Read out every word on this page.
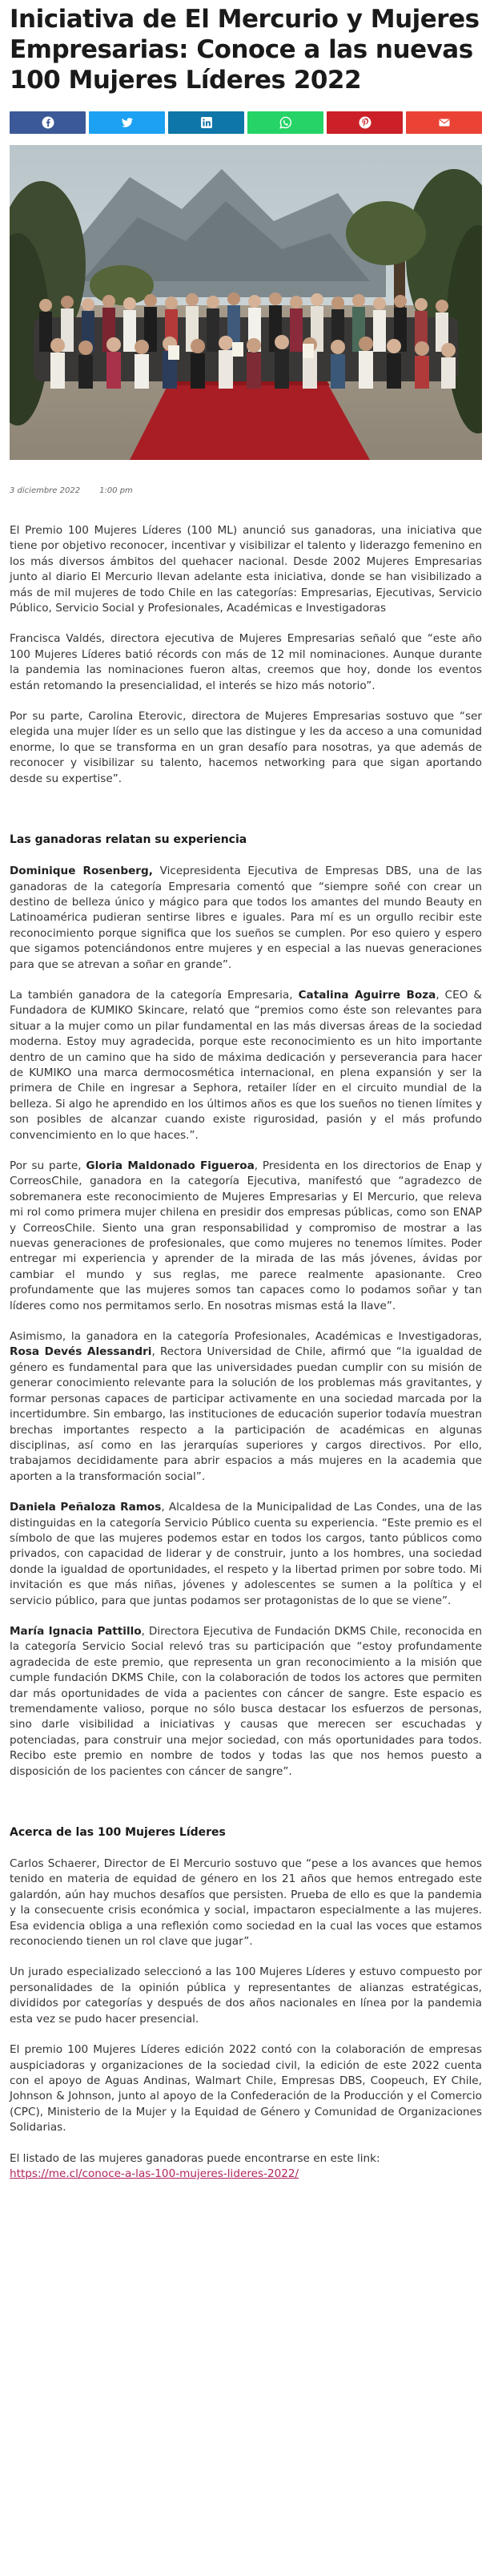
Iniciativa de El Mercurio y Mujeres Empresarias: Conoce a las nuevas 100 Mujeres Líderes 2022
3 diciembre 2022 1:00 pm

El Premio 100 Mujeres Líderes (100 ML) anunció sus ganadoras, una iniciativa que tiene por objetivo reconocer, incentivar y visibilizar el talento y liderazgo femenino en los más diversos ámbitos del quehacer nacional. Desde 2002 Mujeres Empresarias junto al diario El Mercurio llevan adelante esta iniciativa, donde se han visibilizado a más de mil mujeres de todo Chile en las categorías: Empresarias, Ejecutivas, Servicio Público, Servicio Social y Profesionales, Académicas e Investigadoras

Francisca Valdés, directora ejecutiva de Mujeres Empresarias señaló que “este año 100 Mujeres Líderes batió récords con más de 12 mil nominaciones. Aunque durante la pandemia las nominaciones fueron altas, creemos que hoy, donde los eventos están retomando la presencialidad, el interés se hizo más notorio”.

Por su parte, Carolina Eterovic, directora de Mujeres Empresarias sostuvo que “ser elegida una mujer líder es un sello que las distingue y les da acceso a una comunidad enorme, lo que se transforma en un gran desafío para nosotras, ya que además de reconocer y visibilizar su talento, hacemos networking para que sigan aportando desde su expertise”.

Las ganadoras relatan su experiencia

Dominique Rosenberg, Vicepresidenta Ejecutiva de Empresas DBS, una de las ganadoras de la categoría Empresaria comentó que “siempre soñé con crear un destino de belleza único y mágico para que todos los amantes del mundo Beauty en Latinoamérica pudieran sentirse libres e iguales. Para mí es un orgullo recibir este reconocimiento porque significa que los sueños se cumplen. Por eso quiero y espero que sigamos potenciándonos entre mujeres y en especial a las nuevas generaciones para que se atrevan a soñar en grande”.

La también ganadora de la categoría Empresaria, Catalina Aguirre Boza, CEO & Fundadora de KUMIKO Skincare, relató que “premios como éste son relevantes para situar a la mujer como un pilar fundamental en las más diversas áreas de la sociedad moderna. Estoy muy agradecida, porque este reconocimiento es un hito importante dentro de un camino que ha sido de máxima dedicación y perseverancia para hacer de KUMIKO una marca dermocosmética internacional, en plena expansión y ser la primera de Chile en ingresar a Sephora, retailer líder en el circuito mundial de la belleza. Si algo he aprendido en los últimos años es que los sueños no tienen límites y son posibles de alcanzar cuando existe rigurosidad, pasión y el más profundo convencimiento en lo que haces.”.

Por su parte, Gloria Maldonado Figueroa, Presidenta en los directorios de Enap y CorreosChile, ganadora en la categoría Ejecutiva, manifestó que “agradezco de sobremanera este reconocimiento de Mujeres Empresarias y El Mercurio, que releva mi rol como primera mujer chilena en presidir dos empresas públicas, como son ENAP y CorreosChile. Siento una gran responsabilidad y compromiso de mostrar a las nuevas generaciones de profesionales, que como mujeres no tenemos límites. Poder entregar mi experiencia y aprender de la mirada de las más jóvenes, ávidas por cambiar el mundo y sus reglas, me parece realmente apasionante. Creo profundamente que las mujeres somos tan capaces como lo podamos soñar y tan líderes como nos permitamos serlo. En nosotras mismas está la llave”.

Asimismo, la ganadora en la categoría Profesionales, Académicas e Investigadoras, Rosa Devés Alessandri, Rectora Universidad de Chile, afirmó que “la igualdad de género es fundamental para que las universidades puedan cumplir con su misión de generar conocimiento relevante para la solución de los problemas más gravitantes, y formar personas capaces de participar activamente en una sociedad marcada por la incertidumbre. Sin embargo, las instituciones de educación superior todavía muestran brechas importantes respecto a la participación de académicas en algunas disciplinas, así como en las jerarquías superiores y cargos directivos. Por ello, trabajamos decididamente para abrir espacios a más mujeres en la academia que aporten a la transformación social”.

Daniela Peñaloza Ramos, Alcaldesa de la Municipalidad de Las Condes, una de las distinguidas en la categoría Servicio Público cuenta su experiencia. “Este premio es el símbolo de que las mujeres podemos estar en todos los cargos, tanto públicos como privados, con capacidad de liderar y de construir, junto a los hombres, una sociedad donde la igualdad de oportunidades, el respeto y la libertad primen por sobre todo. Mi invitación es que más niñas, jóvenes y adolescentes se sumen a la política y el servicio público, para que juntas podamos ser protagonistas de lo que se viene”.

María Ignacia Pattillo, Directora Ejecutiva de Fundación DKMS Chile, reconocida en la categoría Servicio Social relevó tras su participación que “estoy profundamente agradecida de este premio, que representa un gran reconocimiento a la misión que cumple fundación DKMS Chile, con la colaboración de todos los actores que permiten dar más oportunidades de vida a pacientes con cáncer de sangre. Este espacio es tremendamente valioso, porque no sólo busca destacar los esfuerzos de personas, sino darle visibilidad a iniciativas y causas que merecen ser escuchadas y potenciadas, para construir una mejor sociedad, con más oportunidades para todos. Recibo este premio en nombre de todos y todas las que nos hemos puesto a disposición de los pacientes con cáncer de sangre”.

Acerca de las 100 Mujeres Líderes

Carlos Schaerer, Director de El Mercurio sostuvo que “pese a los avances que hemos tenido en materia de equidad de género en los 21 años que hemos entregado este galardón, aún hay muchos desafíos que persisten. Prueba de ello es que la pandemia y la consecuente crisis económica y social, impactaron especialmente a las mujeres. Esa evidencia obliga a una reflexión como sociedad en la cual las voces que estamos reconociendo tienen un rol clave que jugar”.

Un jurado especializado seleccionó a las 100 Mujeres Líderes y estuvo compuesto por personalidades de la opinión pública y representantes de alianzas estratégicas, divididos por categorías y después de dos años nacionales en línea por la pandemia esta vez se pudo hacer presencial.

El premio 100 Mujeres Líderes edición 2022 contó con la colaboración de empresas auspiciadoras y organizaciones de la sociedad civil, la edición de este 2022 cuenta con el apoyo de Aguas Andinas, Walmart Chile, Empresas DBS, Coopeuch, EY Chile, Johnson & Johnson, junto al apoyo de la Confederación de la Producción y el Comercio (CPC), Ministerio de la Mujer y la Equidad de Género y Comunidad de Organizaciones Solidarias.

El listado de las mujeres ganadoras puede encontrarse en este link:

https://me.cl/conoce-a-las-100-mujeres-lideres-2022/
